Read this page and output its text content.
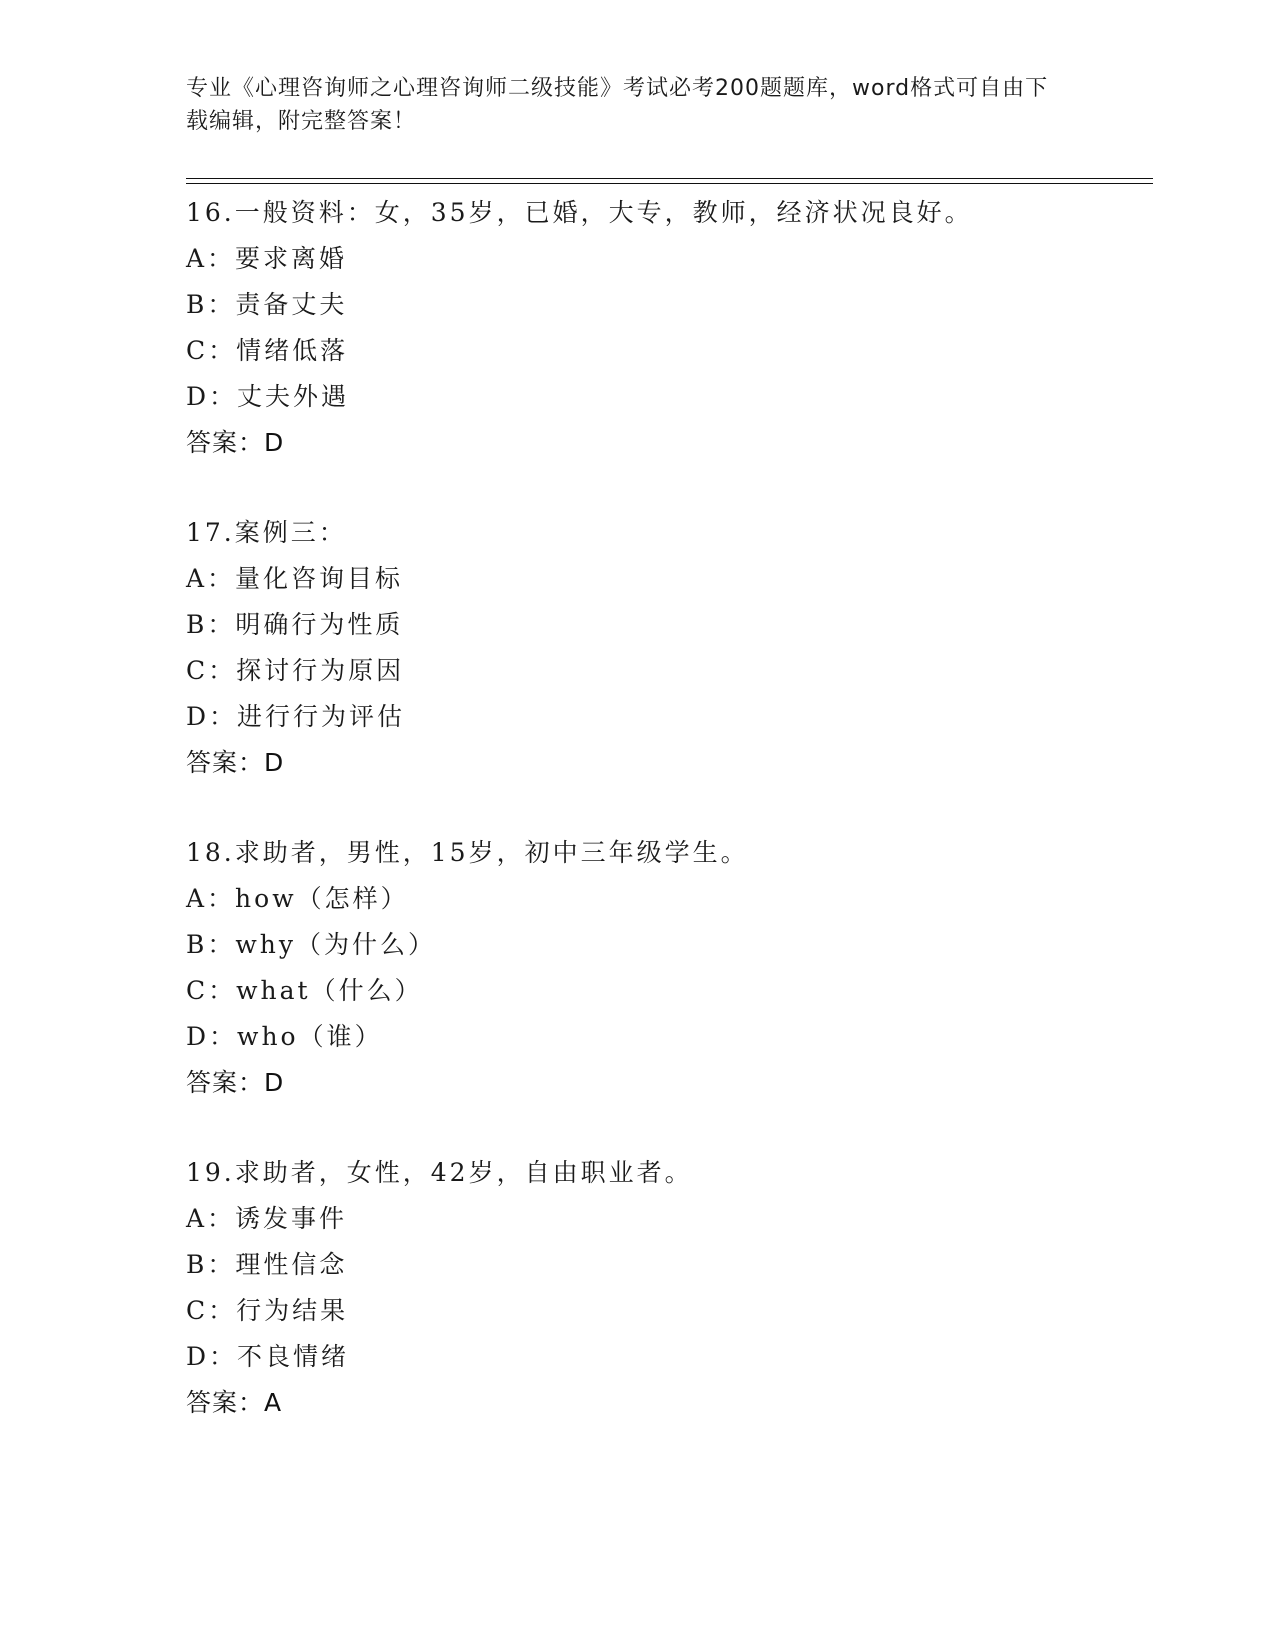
专业《心理咨询师之心理咨询师二级技能》考试必考200题题库，word格式可自由下载编辑，附完整答案！
16.一般资料：女，35岁，已婚，大专，教师，经济状况良好。
A：要求离婚
B：责备丈夫
C：情绪低落
D：丈夫外遇
答案：D
17.案例三：
A：量化咨询目标
B：明确行为性质
C：探讨行为原因
D：进行行为评估
答案：D
18.求助者，男性，15岁，初中三年级学生。
A：how（怎样）
B：why（为什么）
C：what（什么）
D：who（谁）
答案：D
19.求助者，女性，42岁，自由职业者。
A：诱发事件
B：理性信念
C：行为结果
D：不良情绪
答案：A
